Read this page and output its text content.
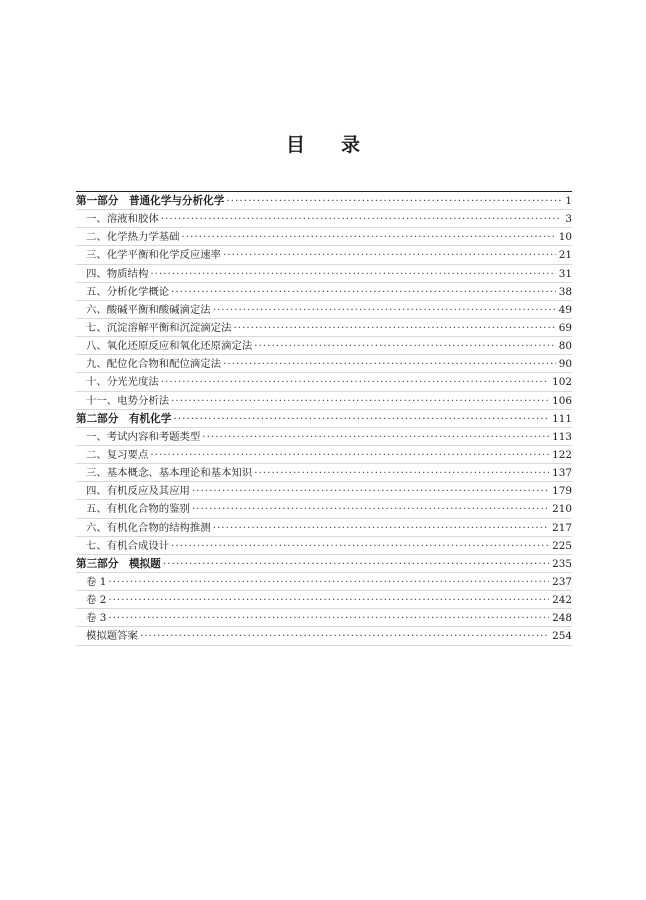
目 录
第一部分　普通化学与分析化学 ·····	1
一、溶液和胶体 ·····	3
二、化学热力学基础 ·····	10
三、化学平衡和化学反应速率 ·····	21
四、物质结构 ·····	31
五、分析化学概论 ·····	38
六、酸碱平衡和酸碱滴定法 ·····	49
七、沉淀溶解平衡和沉淀滴定法 ·····	69
八、氧化还原反应和氧化还原滴定法 ·····	80
九、配位化合物和配位滴定法 ·····	90
十、分光光度法 ·····	102
十一、电势分析法 ·····	106
第二部分　有机化学 ·····	111
一、考试内容和考题类型 ·····	113
二、复习要点 ·····	122
三、基本概念、基本理论和基本知识 ·····	137
四、有机反应及其应用 ·····	179
五、有机化合物的鉴别 ·····	210
六、有机化合物的结构推测 ·····	217
七、有机合成设计 ·····	225
第三部分　模拟题 ·····	235
卷 1 ·····	237
卷 2 ·····	242
卷 3 ·····	248
模拟题答案 ·····	254
